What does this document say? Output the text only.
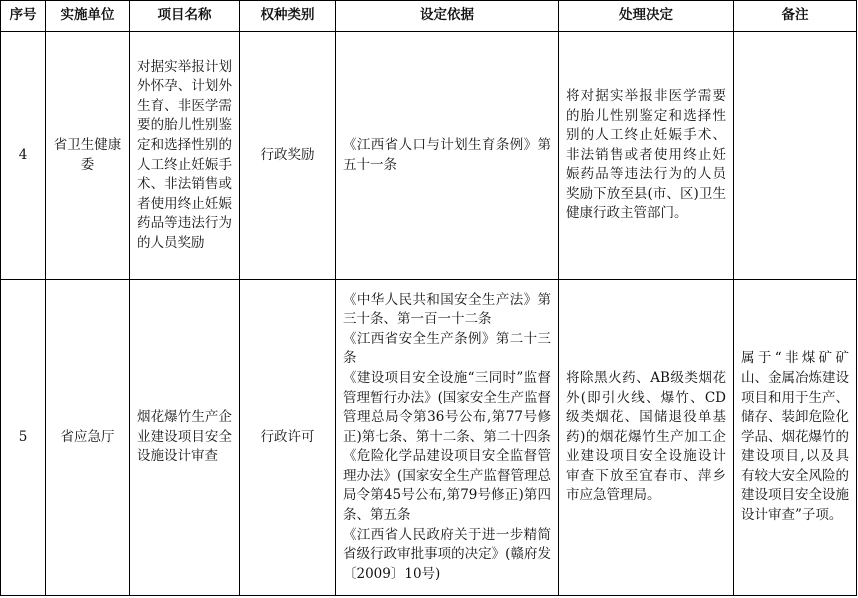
序号	实施单位	项目名称	权种类别	设定依据	处理决定	备注
4	省卫生健康委	对据实举报计划外怀孕、计划外生育、非医学需要的胎儿性别鉴定和选择性别的人工终止妊娠手术、非法销售或者使用终止妊娠药品等违法行为的人员奖励	行政奖励	《江西省人口与计划生育条例》第五十一条	将对据实举报非医学需要的胎儿性别鉴定和选择性别的人工终止妊娠手术、非法销售或者使用终止妊娠药品等违法行为的人员奖励下放至县(市、区)卫生健康行政主管部门。	
5	省应急厅	烟花爆竹生产企业建设项目安全设施设计审查	行政许可	《中华人民共和国安全生产法》第三十条、第一百一十二条
《江西省安全生产条例》第二十三条
《建设项目安全设施“三同时”监督管理暂行办法》(国家安全生产监督管理总局令第36号公布,第77号修正)第七条、第十二条、第二十四条
《危险化学品建设项目安全监督管理办法》(国家安全生产监督管理总局令第45号公布,第79号修正)第四条、第五条
《江西省人民政府关于进一步精简省级行政审批事项的决定》(赣府发〔2009〕10号)	将除黑火药、AB级类烟花外(即引火线、爆竹、CD级类烟花、国储退役单基药)的烟花爆竹生产加工企业建设项目安全设施设计审查下放至宜春市、萍乡市应急管理局。	属于“非煤矿矿山、金属冶炼建设项目和用于生产、储存、装卸危险化学品、烟花爆竹的建设项目,以及具有较大安全风险的建设项目安全设施设计审查”子项。
